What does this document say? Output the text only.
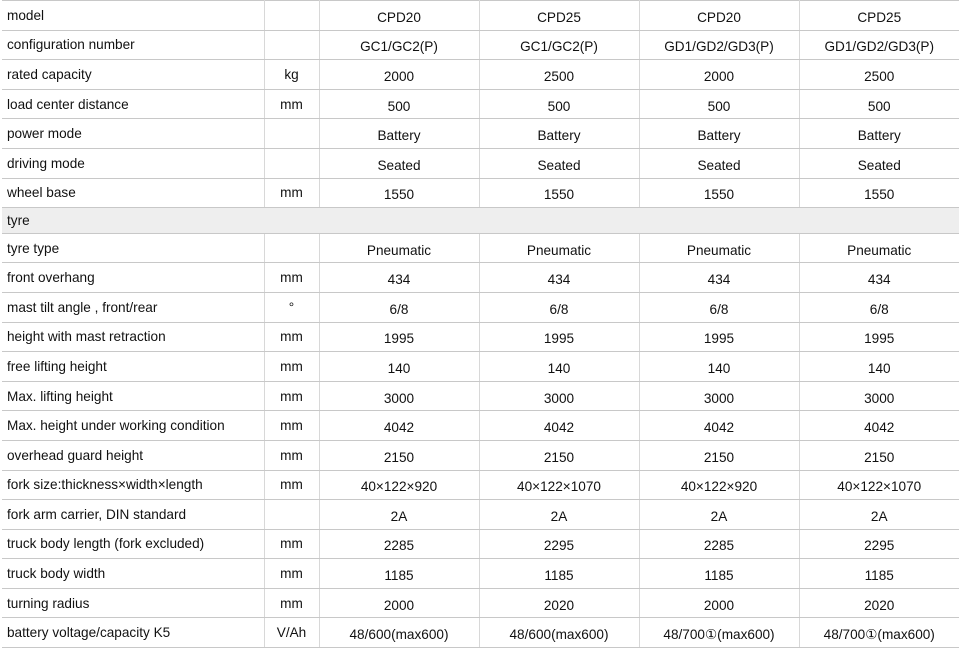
model		CPD20	CPD25	CPD20	CPD25
configuration number		GC1/GC2(P)	GC1/GC2(P)	GD1/GD2/GD3(P)	GD1/GD2/GD3(P)
rated capacity	kg	2000	2500	2000	2500
load center distance	mm	500	500	500	500
power mode		Battery	Battery	Battery	Battery
driving mode		Seated	Seated	Seated	Seated
wheel base	mm	1550	1550	1550	1550
tyre					
tyre type		Pneumatic	Pneumatic	Pneumatic	Pneumatic
front overhang	mm	434	434	434	434
mast tilt angle , front/rear	°	6/8	6/8	6/8	6/8
height with mast retraction	mm	1995	1995	1995	1995
free lifting height	mm	140	140	140	140
Max. lifting height	mm	3000	3000	3000	3000
Max. height under working condition	mm	4042	4042	4042	4042
overhead guard height	mm	2150	2150	2150	2150
fork size:thickness×width×length	mm	40×122×920	40×122×1070	40×122×920	40×122×1070
fork arm carrier, DIN standard		2A	2A	2A	2A
truck body length (fork excluded)	mm	2285	2295	2285	2295
truck body width	mm	1185	1185	1185	1185
turning radius	mm	2000	2020	2000	2020
battery voltage/capacity K5	V/Ah	48/600(max600)	48/600(max600)	48/700①(max600)	48/700①(max600)
